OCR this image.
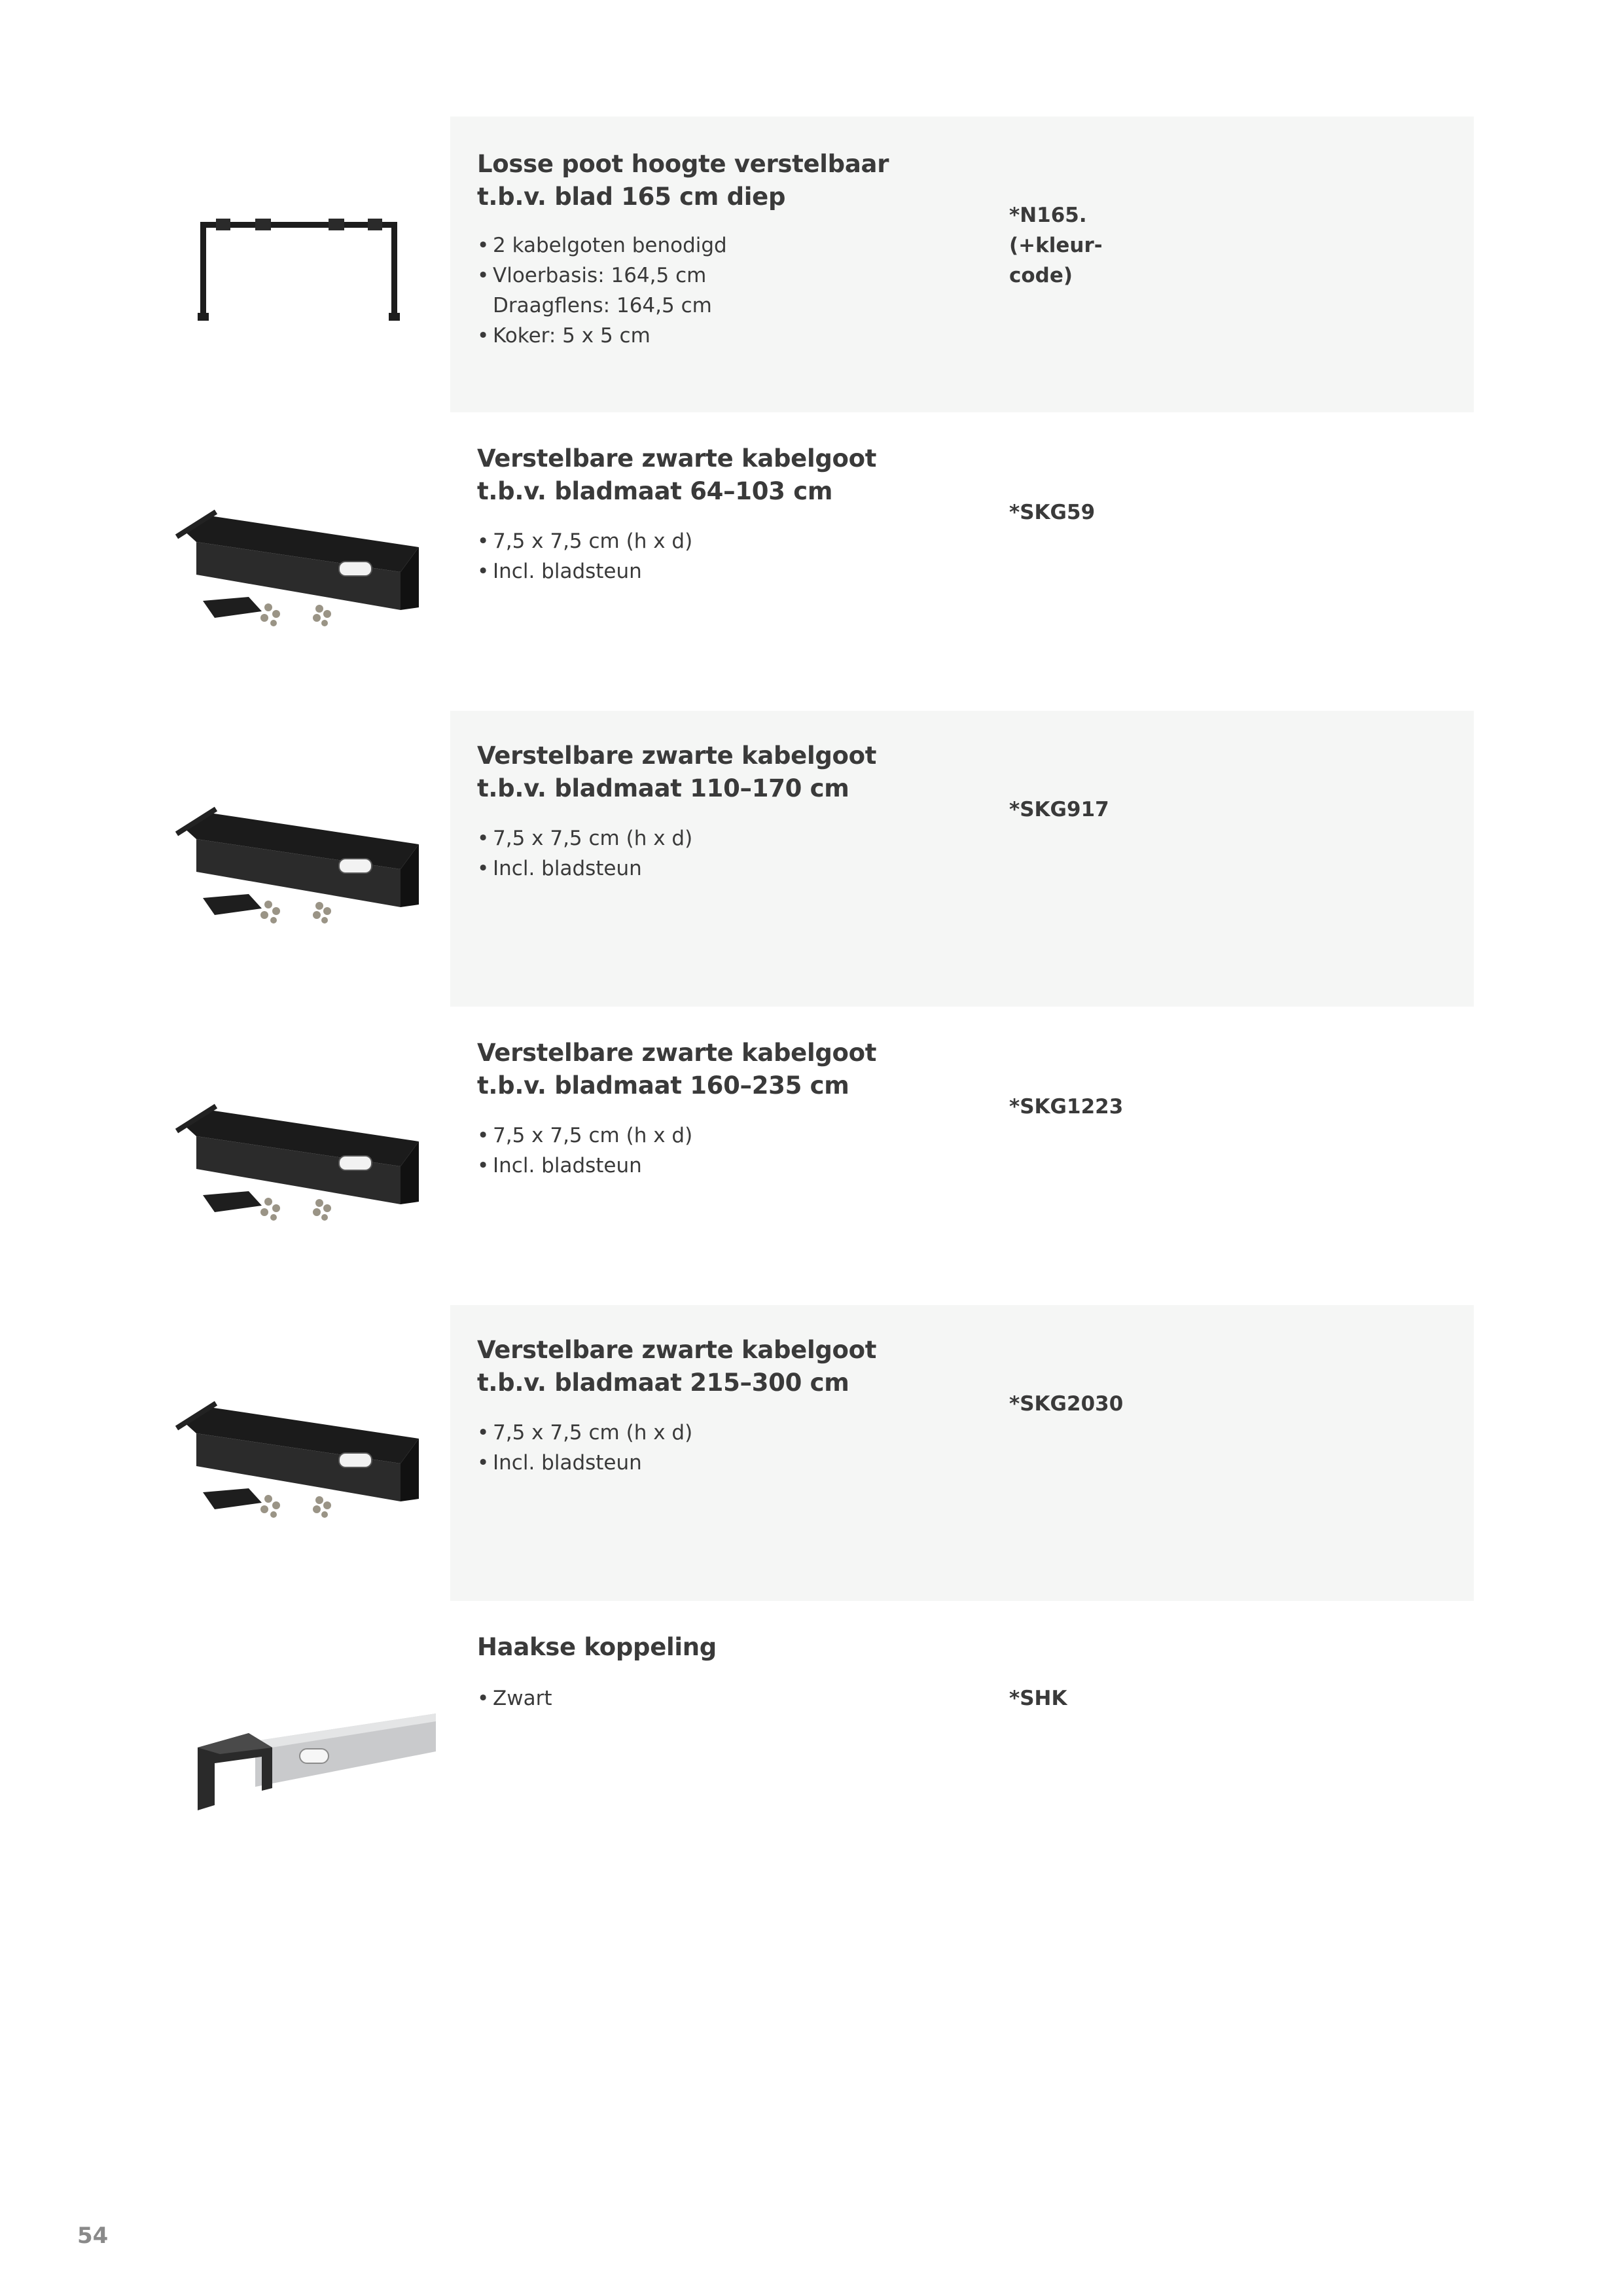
Losse poot hoogte verstelbaar
t.b.v. blad 165 cm diep
• 2 kabelgoten benodigd
• Vloerbasis: 164,5 cm
Draagflens: 164,5 cm
• Koker: 5 x 5 cm
*N165.
(+kleur-
code)
Verstelbare zwarte kabelgoot
t.b.v. bladmaat 64–103 cm
• 7,5 x 7,5 cm (h x d)
• Incl. bladsteun
*SKG59
Verstelbare zwarte kabelgoot
t.b.v. bladmaat 110–170 cm
• 7,5 x 7,5 cm (h x d)
• Incl. bladsteun
*SKG917
Verstelbare zwarte kabelgoot
t.b.v. bladmaat 160–235 cm
• 7,5 x 7,5 cm (h x d)
• Incl. bladsteun
*SKG1223
Verstelbare zwarte kabelgoot
t.b.v. bladmaat 215–300 cm
• 7,5 x 7,5 cm (h x d)
• Incl. bladsteun
*SKG2030
Haakse koppeling
• Zwart	*SHK
54
